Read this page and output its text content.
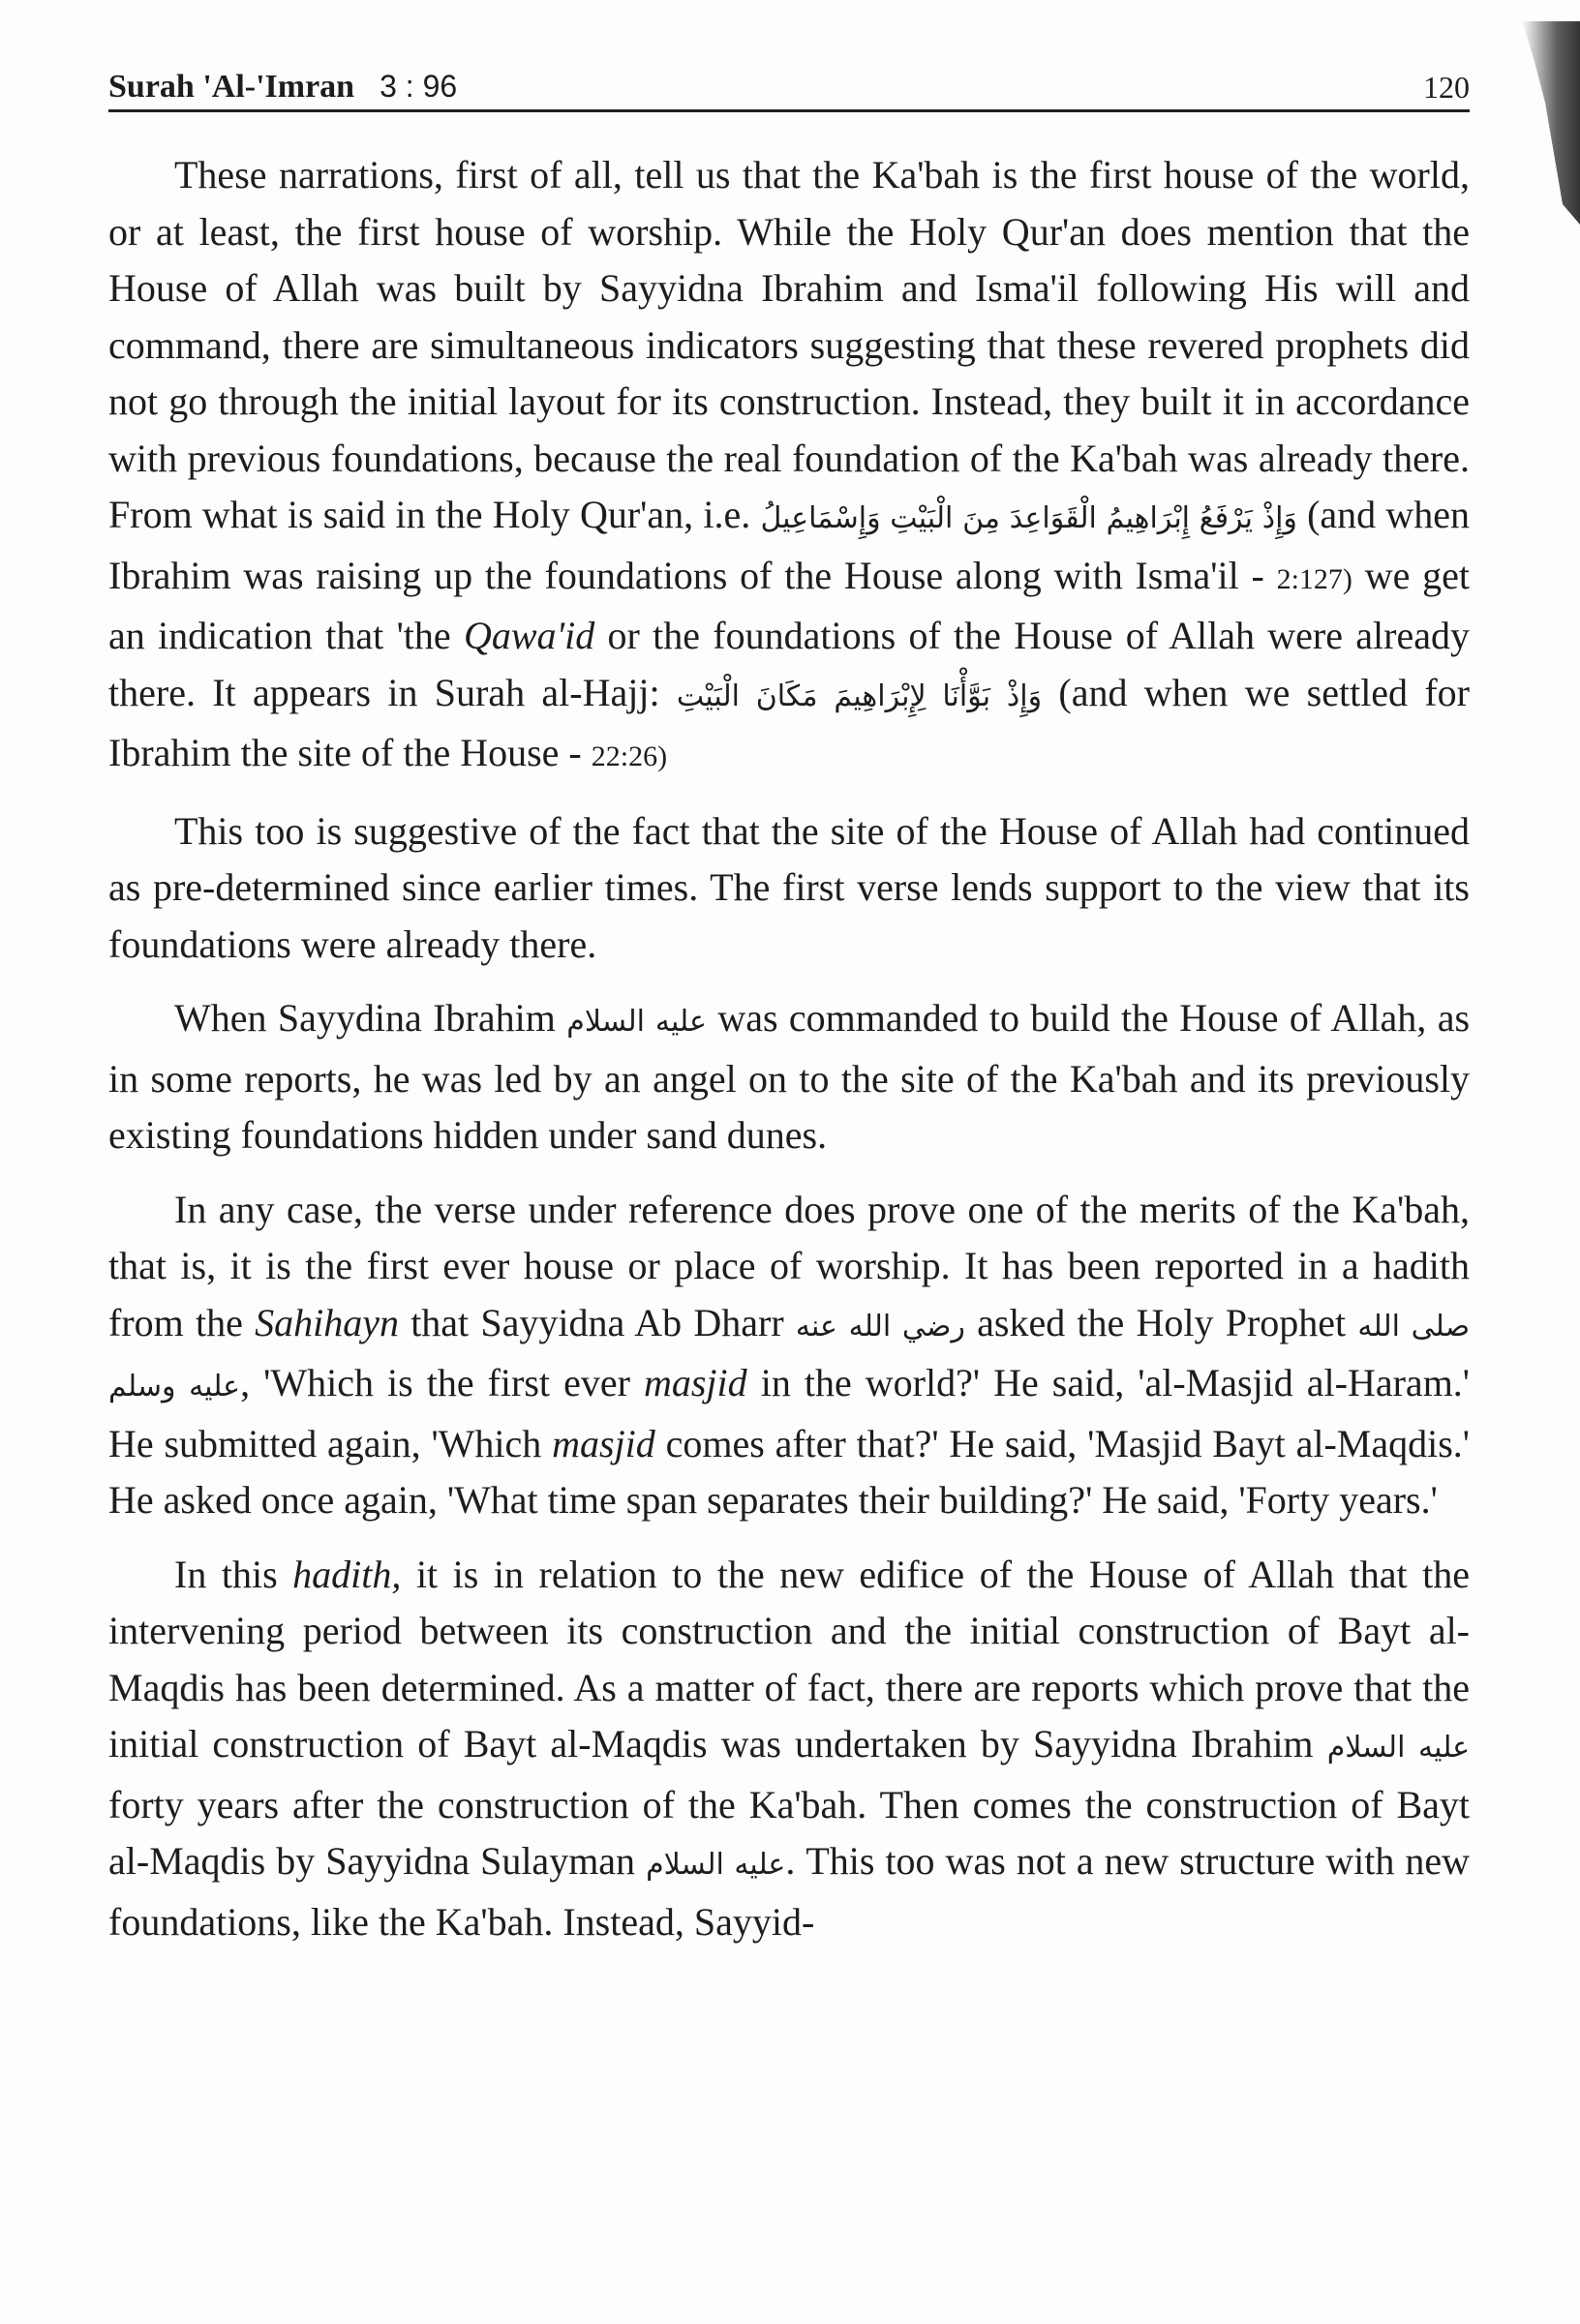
Surah 'Al-'Imran 3 : 96	120

These narrations, first of all, tell us that the Ka'bah is the first house of the world, or at least, the first house of worship. While the Holy Qur'an does mention that the House of Allah was built by Sayyidna Ibrahim and Isma'il following His will and command, there are simultaneous indicators suggesting that these revered prophets did not go through the initial layout for its construction. Instead, they built it in accordance with previous foundations, because the real foundation of the Ka'bah was already there. From what is said in the Holy Qur'an, i.e. وَإِذْ يَرْفَعُ إِبْرَاهِيمُ الْقَوَاعِدَ مِنَ الْبَيْتِ وَإِسْمَاعِيلُ (and when Ibrahim was raising up the foundations of the House along with Isma'il - 2:127) we get an indication that 'the Qawa'id or the foundations of the House of Allah were already there. It appears in Surah al-Hajj: وَإِذْ بَوَّأْنَا لِإِبْرَاهِيمَ مَكَانَ الْبَيْتِ (and when we settled for Ibrahim the site of the House - 22:26)

This too is suggestive of the fact that the site of the House of Allah had continued as pre-determined since earlier times. The first verse lends support to the view that its foundations were already there.

When Sayydina Ibrahim عليه السلام was commanded to build the House of Allah, as in some reports, he was led by an angel on to the site of the Ka'bah and its previously existing foundations hidden under sand dunes.

In any case, the verse under reference does prove one of the merits of the Ka'bah, that is, it is the first ever house or place of worship. It has been reported in a hadith from the Sahihayn that Sayyidna Ab Dharr رضي الله عنه asked the Holy Prophet صلى الله عليه وسلم, 'Which is the first ever masjid in the world?' He said, 'al-Masjid al-Haram.' He submitted again, 'Which masjid comes after that?' He said, 'Masjid Bayt al-Maqdis.' He asked once again, 'What time span separates their building?' He said, 'Forty years.'

In this hadith, it is in relation to the new edifice of the House of Allah that the intervening period between its construction and the initial construction of Bayt al-Maqdis has been determined. As a matter of fact, there are reports which prove that the initial construction of Bayt al-Maqdis was undertaken by Sayyidna Ibrahim عليه السلام forty years after the construction of the Ka'bah. Then comes the construction of Bayt al-Maqdis by Sayyidna Sulayman عليه السلام. This too was not a new structure with new foundations, like the Ka'bah. Instead, Sayyid-
